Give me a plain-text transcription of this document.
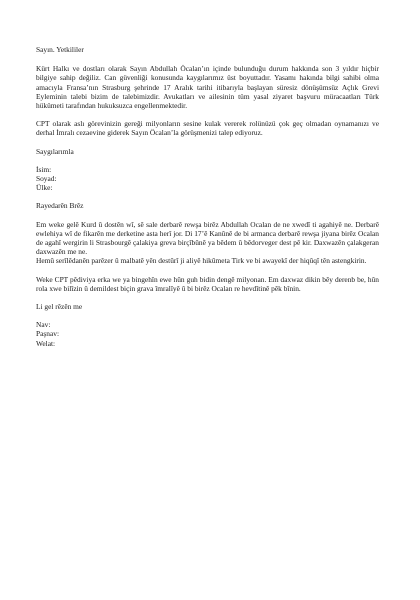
Sayın. Yetkililer

Kürt Halkı ve dostları olarak Sayın Abdullah Öcalan’ın içinde bulunduğu durum hakkında son 3 yıldır hiçbir bilgiye sahip değiliz. Can güvenliği konusunda kaygılarımız üst boyuttadır. Yasamı hakında bilgi sahibi olma amacıyla Fransa’nın Strasburg şehrinde 17 Aralık tarihi itibarıyla başlayan süresiz dönüşümsüz Açlık Grevi Eyleminin talebi bizim de talebimizdir. Avukatları ve ailesinin tüm yasal ziyaret başvuru müracaatları Türk hükümeti tarafından hukuksuzca engellenmektedir.

CPT olarak aslı görevinizin gereği milyonların sesine kulak vererek rolünüzü çok geç olmadan oynamanızı ve derhal İmralı cezaevine giderek Sayın Öcalan’la görüşmenizi talep ediyoruz.

Saygılarımla

İsim:
Soyad:
Ülke:

Rayedarên Brêz

Em weke gelê Kurd û dostên wî, sê sale derbarê rewşa birêz Abdullah Ocalan de ne xwedî ti agahiyê ne. Derbarê ewlehiya wî de fikarên me derketine asta herî jor. Di 17’ê Kanûnê de bi armanca derbarê rewşa jiyana birêz Ocalan de agahî wergirin li Strasbourgê çalakiya greva birçîbûnê ya bêdem û bêdorveger dest pê kir. Daxwazên çalakgeran daxwazên me ne.

Hemû serîlêdanên parêzer û malbatê yên destûrî ji aliyê hikûmeta Tirk ve bi awayekî der hiqûqî tên astengkirin.

Weke CPT pêdiviya erka we ya bingehîn ewe hûn guh bidin dengê milyonan. Em daxwaz dikin bêy derenb be, hûn rola xwe bilîzin û demildest biçin grava îmralîyê û bi birêz Ocalan re hevdîtinê pêk bînin.

Li gel rêzên me

Nav:
Paşnav:
Welat:
